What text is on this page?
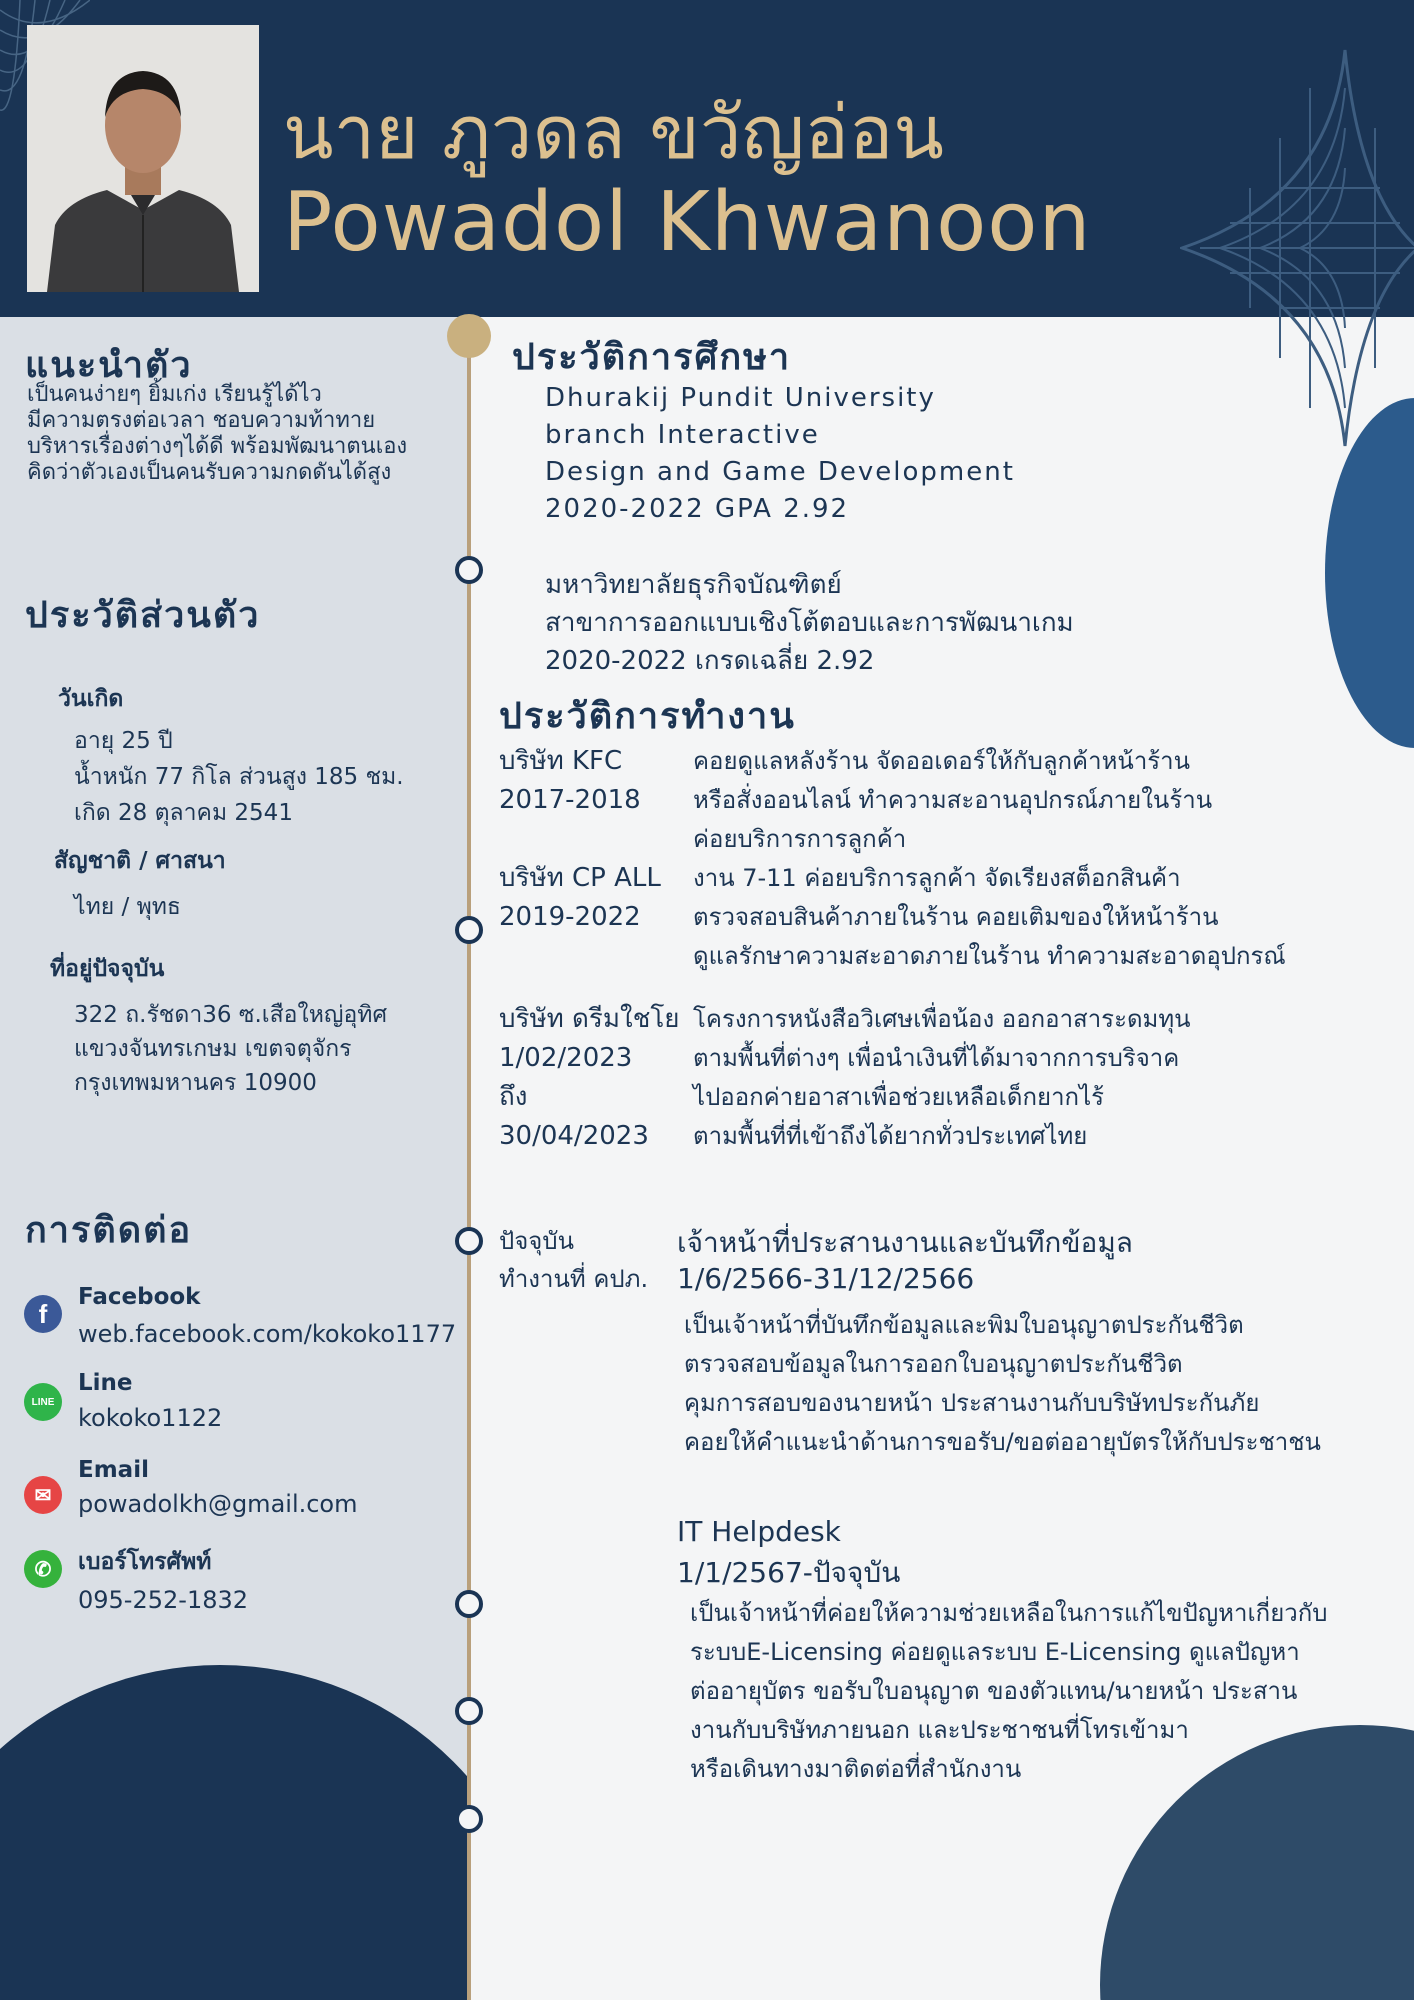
นาย ภูวดล ขวัญอ่อน
Powadol Khwanoon
แนะนำตัว
เป็นคนง่ายๆ ยิ้มเก่ง เรียนรู้ได้ไว
มีความตรงต่อเวลา ชอบความท้าทาย
บริหารเรื่องต่างๆได้ดี พร้อมพัฒนาตนเอง
คิดว่าตัวเองเป็นคนรับความกดดันได้สูง
ประวัติส่วนตัว
วันเกิด
อายุ 25 ปี
น้ำหนัก 77 กิโล ส่วนสูง 185 ชม.
เกิด 28 ตุลาคม 2541
สัญชาติ / ศาสนา
ไทย / พุทธ
ที่อยู่ปัจจุบัน
322 ถ.รัชดา36 ซ.เสือใหญ่อุทิศ
แขวงจันทรเกษม เขตจตุจักร
กรุงเทพมหานคร 10900
การติดต่อ
f
Facebook
web.facebook.com/kokoko1177
LINE
Line
kokoko1122
✉
Email
powadolkh@gmail.com
✆	เบอร์โทรศัพท์
095-252-1832
ประวัติการศึกษา
Dhurakij Pundit University
branch Interactive
Design and Game Development
2020-2022 GPA 2.92
มหาวิทยาลัยธุรกิจบัณฑิตย์
สาขาการออกแบบเชิงโต้ตอบและการพัฒนาเกม
2020-2022 เกรดเฉลี่ย 2.92
ประวัติการทำงาน
บริษัท KFC
2017-2018
คอยดูแลหลังร้าน จัดออเดอร์ให้กับลูกค้าหน้าร้าน
หรือสั่งออนไลน์ ทำความสะอานอุปกรณ์ภายในร้าน
ค่อยบริการการลูกค้า
บริษัท CP ALL
2019-2022
งาน 7-11 ค่อยบริการลูกค้า จัดเรียงสต็อกสินค้า
ตรวจสอบสินค้าภายในร้าน คอยเติมของให้หน้าร้าน
ดูแลรักษาความสะอาดภายในร้าน ทำความสะอาดอุปกรณ์
บริษัท ดรีมใชโย
1/02/2023
ถึง
30/04/2023
โครงการหนังสือวิเศษเพื่อน้อง ออกอาสาระดมทุน
ตามพื้นที่ต่างๆ เพื่อนำเงินที่ได้มาจากการบริจาค
ไปออกค่ายอาสาเพื่อช่วยเหลือเด็กยากไร้
ตามพื้นที่ที่เข้าถึงได้ยากทั่วประเทศไทย
ปัจจุบัน
ทำงานที่ คปภ.
เจ้าหน้าที่ประสานงานและบันทึกข้อมูล
1/6/2566-31/12/2566
เป็นเจ้าหน้าที่บันทึกข้อมูลและพิมใบอนุญาตประกันชีวิต
ตรวจสอบข้อมูลในการออกใบอนุญาตประกันชีวิต
คุมการสอบของนายหน้า ประสานงานกับบริษัทประกันภัย
คอยให้คำแนะนำด้านการขอรับ/ขอต่ออายุบัตรให้กับประชาชน
IT Helpdesk
1/1/2567-ปัจจุบัน
เป็นเจ้าหน้าที่ค่อยให้ความช่วยเหลือในการแก้ไขปัญหาเกี่ยวกับ
ระบบE-Licensing ค่อยดูแลระบบ E-Licensing ดูแลปัญหา
ต่ออายุบัตร ขอรับใบอนุญาต ของตัวแทน/นายหน้า ประสาน
งานกับบริษัทภายนอก และประชาชนที่โทรเข้ามา
หรือเดินทางมาติดต่อที่สำนักงาน
